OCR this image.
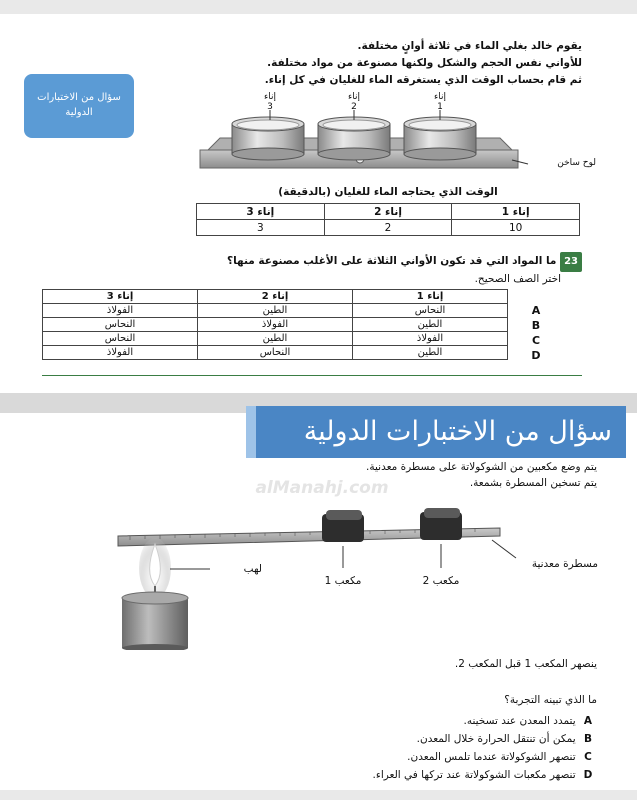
سؤال من الاختبارات الدولية
يقوم خالد بغلي الماء في ثلاثة أوانٍ مختلفة.
للأواني نفس الحجم والشكل ولكنها مصنوعة من مواد مختلفة.
ثم قام بحساب الوقت الذي يستغرقه الماء للغليان في كل إناء.
إناء
3
إناء
2
إناء
1
لوح ساخن
الوقت الذي يحتاجه الماء للغليان (بالدقيقة)
إناء 1	إناء 2	إناء 3
10	2	3
23 ما المواد التي قد تكون الأواني الثلاثة على الأغلب مصنوعة منها؟
اختر الصف الصحيح.
إناء 1	إناء 2	إناء 3
النحاس	الطين	الفولاذ
الطين	الفولاذ	النحاس
الفولاذ	الطين	النحاس
الطين	النحاس	الفولاذ
A
B
C
D
سؤال من الاختبارات الدولية
يتم وضع مكعبين من الشوكولاتة على مسطرة معدنية.
يتم تسخين المسطرة بشمعة.
لهب
مكعب 1	مكعب 2
مسطرة معدنية
alManahj.com
ينصهر المكعب 1 قبل المكعب 2.
ما الذي تبينه التجربة؟
A يتمدد المعدن عند تسخينه.
B يمكن أن تنتقل الحرارة خلال المعدن.
C تنصهر الشوكولاتة عندما تلمس المعدن.
D تنصهر مكعبات الشوكولاتة عند تركها في العراء.
